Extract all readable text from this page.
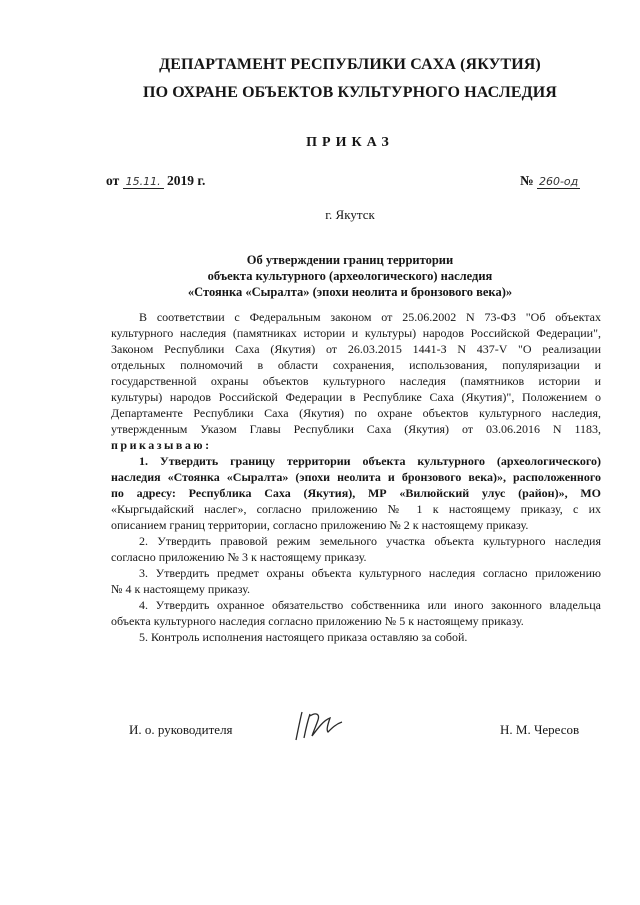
ДЕПАРТАМЕНТ РЕСПУБЛИКИ САХА (ЯКУТИЯ)
ПО ОХРАНЕ ОБЪЕКТОВ КУЛЬТУРНОГО НАСЛЕДИЯ
ПРИКАЗ
от 15.11. 2019 г.	№ 260-од
г. Якутск
Об утверждении границ территории
объекта культурного (археологического) наследия
«Стоянка «Сыралта» (эпохи неолита и бронзового века)»
В соответствии с Федеральным законом от 25.06.2002 N 73-ФЗ "Об объектах
культурного наследия (памятниках истории и культуры) народов Российской Федерации",
Законом Республики Саха (Якутия) от 26.03.2015 1441-З N 437-V "О реализации
отдельных полномочий в области сохранения, использования, популяризации и
государственной охраны объектов культурного наследия (памятников истории и
культуры) народов Российской Федерации в Республике Саха (Якутия)", Положением о
Департаменте Республики Саха (Якутия) по охране объектов культурного наследия,
утвержденным Указом Главы Республики Саха (Якутия) от 03.06.2016 N 1183,
приказываю:
1. Утвердить границу территории объекта культурного (археологического)
наследия «Стоянка «Сыралта» (эпохи неолита и бронзового века)», расположенного
по адресу: Республика Саха (Якутия), МР «Вилюйский улус (район)», МО
«Кыргыдайский наслег», согласно приложению № 1 к настоящему приказу, с их
описанием границ территории, согласно приложению № 2 к настоящему приказу.
2. Утвердить правовой режим земельного участка объекта культурного наследия
согласно приложению № 3 к настоящему приказу.
3. Утвердить предмет охраны объекта культурного наследия согласно приложению
№ 4 к настоящему приказу.
4. Утвердить охранное обязательство собственника или иного законного владельца
объекта культурного наследия согласно приложению № 5 к настоящему приказу.
5. Контроль исполнения настоящего приказа оставляю за собой.
И. о. руководителя	Н. М. Чересов
